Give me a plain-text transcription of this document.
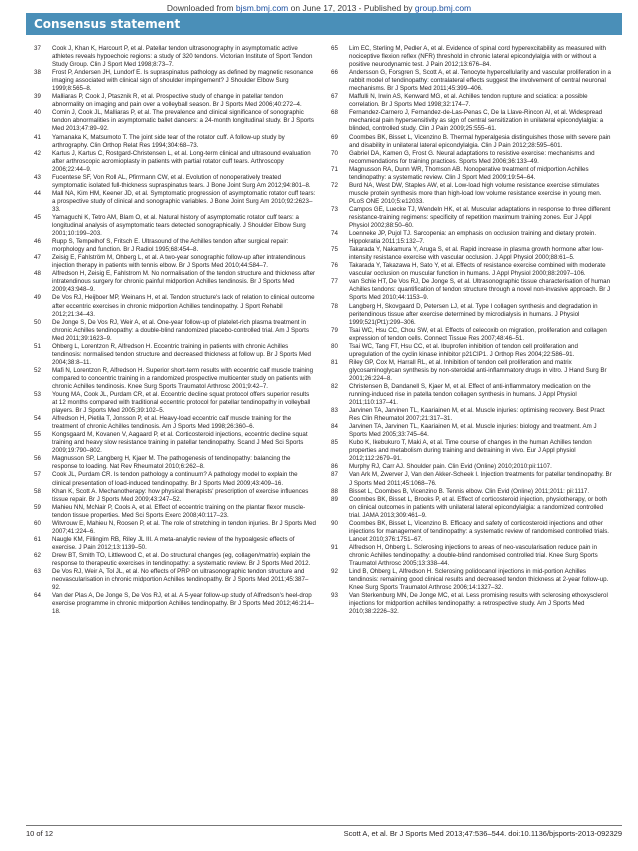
Downloaded from bjsm.bmj.com on June 17, 2013 - Published by group.bmj.com
Consensus statement
37	Cook J, Khan K, Harcourt P, et al. Patellar tendon ultrasonography in asymptomatic active athletes reveals hypoechoic regions: a study of 320 tendons. Victorian Institute of Sport Tendon Study Group. Clin J Sport Med 1998;8:73–7.
38	Frost P, Andersen JH, Lundorf E. Is supraspinatus pathology as defined by magnetic resonance imaging associated with clinical sign of shoulder impingement? J Shoulder Elbow Surg 1999;8:565–8.
39	Malliaras P, Cook J, Ptasznik R, et al. Prospective study of change in patellar tendon abnormality on imaging and pain over a volleyball season. Br J Sports Med 2006;40:272–4.
40	Comin J, Cook JL, Malliaras P, et al. The prevalence and clinical significance of sonographic tendon abnormalities in asymptomatic ballet dancers: a 24-month longitudinal study. Br J Sports Med 2013;47:89–92.
41	Yamanaka K, Matsumoto T. The joint side tear of the rotator cuff. A follow-up study by arthrography. Clin Orthop Relat Res 1994;304:68–73.
42	Kartus J, Kartus C, Rostgard-Christensen L, et al. Long-term clinical and ultrasound evaluation after arthroscopic acromioplasty in patients with partial rotator cuff tears. Arthroscopy 2006;22:44–9.
43	Fucentese SF, Von Roll AL, Pfirrmann CW, et al. Evolution of nonoperatively treated symptomatic isolated full-thickness supraspinatus tears. J Bone Joint Surg Am 2012;94:801–8.
44	Mall NA, Kim HM, Keener JD, et al. Symptomatic progression of asymptomatic rotator cuff tears: a prospective study of clinical and sonographic variables. J Bone Joint Surg Am 2010;92:2623–33.
45	Yamaguchi K, Tetro AM, Blam O, et al. Natural history of asymptomatic rotator cuff tears: a longitudinal analysis of asymptomatic tears detected sonographically. J Shoulder Elbow Surg 2001;10:199–203.
46	Rupp S, Tempelhof S, Fritsch E. Ultrasound of the Achilles tendon after surgical repair: morphology and function. Br J Radiol 1995;68:454–8.
47	Zeisig E, Fahlström M, Ohberg L, et al. A two-year sonographic follow-up after intratendinous injection therapy in patients with tennis elbow. Br J Sports Med 2010;44:584–7.
48	Alfredson H, Zeisig E, Fahlstrom M. No normalisation of the tendon structure and thickness after intratendinous surgery for chronic painful midportion Achilles tendinosis. Br J Sports Med 2009;43:948–9.
49	De Vos RJ, Heijboer MP, Weinans H, et al. Tendon structure's lack of relation to clinical outcome after eccentric exercises in chronic midportion Achilles tendinopathy. J Sport Rehabil 2012;21:34–43.
50	De Jonge S, De Vos RJ, Weir A, et al. One-year follow-up of platelet-rich plasma treatment in chronic Achilles tendinopathy: a double-blind randomized placebo-controlled trial. Am J Sports Med 2011;39:1623–9.
51	Ohberg L, Lorentzon R, Alfredson H. Eccentric training in patients with chronic Achilles tendinosis: normalised tendon structure and decreased thickness at follow up. Br J Sports Med 2004;38:8–11.
52	Mafi N, Lorentzon R, Alfredson H. Superior short-term results with eccentric calf muscle training compared to concentric training in a randomized prospective multicenter study on patients with chronic Achilles tendinosis. Knee Surg Sports Traumatol Arthrosc 2001;9:42–7.
53	Young MA, Cook JL, Purdam CR, et al. Eccentric decline squat protocol offers superior results at 12 months compared with traditional eccentric protocol for patellar tendinopathy in volleyball players. Br J Sports Med 2005;39:102–5.
54	Alfredson H, Pietila T, Jonsson P, et al. Heavy-load eccentric calf muscle training for the treatment of chronic Achilles tendinosis. Am J Sports Med 1998;26:360–6.
55	Kongsgaard M, Kovanen V, Aagaard P, et al. Corticosteroid injections, eccentric decline squat training and heavy slow resistance training in patellar tendinopathy. Scand J Med Sci Sports 2009;19:790–802.
56	Magnusson SP, Langberg H, Kjaer M. The pathogenesis of tendinopathy: balancing the response to loading. Nat Rev Rheumatol 2010;6:262–8.
57	Cook JL, Purdam CR. Is tendon pathology a continuum? A pathology model to explain the clinical presentation of load-induced tendinopathy. Br J Sports Med 2009;43:409–16.
58	Khan K, Scott A. Mechanotherapy: how physical therapists' prescription of exercise influences tissue repair. Br J Sports Med 2009;43:247–52.
59	Mahieu NN, McNair P, Cools A, et al. Effect of eccentric training on the plantar flexor muscle-tendon tissue properties. Med Sci Sports Exerc 2008;40:117–23.
60	Witvrouw E, Mahieu N, Roosen P, et al. The role of stretching in tendon injuries. Br J Sports Med 2007;41:224–6.
61	Naugle KM, Fillingim RB, Riley JL III. A meta-analytic review of the hypoalgesic effects of exercise. J Pain 2012;13:1139–50.
62	Drew BT, Smith TO, Littlewood C, et al. Do structural changes (eg, collagen/matrix) explain the response to therapeutic exercises in tendinopathy: a systematic review. Br J Sports Med 2012.
63	De Vos RJ, Weir A, Tol JL, et al. No effects of PRP on ultrasonographic tendon structure and neovascularisation in chronic midportion Achilles tendinopathy. Br J Sports Med 2011;45:387–92.
64	Van der Plas A, De Jonge S, De Vos RJ, et al. A 5-year follow-up study of Alfredson's heel-drop exercise programme in chronic midportion Achilles tendinopathy. Br J Sports Med 2012;46:214–18.
65	Lim EC, Sterling M, Pedler A, et al. Evidence of spinal cord hyperexcitability as measured with nociceptive flexion reflex (NFR) threshold in chronic lateral epicondylalgia with or without a positive neurodynamic test. J Pain 2012;13:676–84.
66	Andersson G, Forsgren S, Scott A, et al. Tenocyte hypercellularity and vascular proliferation in a rabbit model of tendinopathy: contralateral effects suggest the involvement of central neuronal mechanisms. Br J Sports Med 2011;45:399–406.
67	Maffulli N, Irwin AS, Kenward MG, et al. Achilles tendon rupture and sciatica: a possible correlation. Br J Sports Med 1998;32:174–7.
68	Fernandez-Carnero J, Fernandez-de-Las-Penas C, De la Llave-Rincon AI, et al. Widespread mechanical pain hypersensitivity as sign of central sensitization in unilateral epicondylalgia: a blinded, controlled study. Clin J Pain 2009;25:555–61.
69	Coombes BK, Bisset L, Vicenzino B. Thermal hyperalgesia distinguishes those with severe pain and disability in unilateral lateral epicondylalgia. Clin J Pain 2012;28:595–601.
70	Gabriel DA, Kamen G, Frost G. Neural adaptations to resistive exercise: mechanisms and recommendations for training practices. Sports Med 2006;36:133–49.
71	Magnusson RA, Dunn WR, Thomson AB. Nonoperative treatment of midportion Achilles tendinopathy: a systematic review. Clin J Sport Med 2009;19:54–64.
72	Burd NA, West DW, Staples AW, et al. Low-load high volume resistance exercise stimulates muscle protein synthesis more than high-load low volume resistance exercise in young men. PLoS ONE 2010;5:e12033.
73	Campos GE, Luecke TJ, Wendeln HK, et al. Muscular adaptations in response to three different resistance-training regimens: specificity of repetition maximum training zones. Eur J Appl Physiol 2002;88:50–60.
74	Loenneke JP, Pujol TJ. Sarcopenia: an emphasis on occlusion training and dietary protein. Hippokratia 2011;15:132–7.
75	Takarada Y, Nakamura Y, Aruga S, et al. Rapid increase in plasma growth hormone after low-intensity resistance exercise with vascular occlusion. J Appl Physiol 2000;88:61–5.
76	Takarada Y, Takazawa H, Sato Y, et al. Effects of resistance exercise combined with moderate vascular occlusion on muscular function in humans. J Appl Physiol 2000;88:2097–106.
77	van Schie HT, De Vos RJ, De Jonge S, et al. Ultrasonographic tissue characterisation of human Achilles tendons: quantification of tendon structure through a novel non-invasive approach. Br J Sports Med 2010;44:1153–9.
78	Langberg H, Skovgaard D, Petersen LJ, et al. Type I collagen synthesis and degradation in peritendinous tissue after exercise determined by microdialysis in humans. J Physiol 1999;521(Pt1):299–306.
79	Tsai WC, Hsu CC, Chou SW, et al. Effects of celecoxib on migration, proliferation and collagen expression of tendon cells. Connect Tissue Res 2007;48:46–51.
80	Tsai WC, Tang FT, Hsu CC, et al. Ibuprofen inhibition of tendon cell proliferation and upregulation of the cyclin kinase inhibitor p21CIP1. J Orthop Res 2004;22:586–91.
81	Riley GP, Cox M, Harrall RL, et al. Inhibition of tendon cell proliferation and matrix glycosaminoglycan synthesis by non-steroidal anti-inflammatory drugs in vitro. J Hand Surg Br 2001;26:224–8.
82	Christensen B, Dandanell S, Kjaer M, et al. Effect of anti-inflammatory medication on the running-induced rise in patella tendon collagen synthesis in humans. J Appl Physiol 2011;110:137–41.
83	Jarvinen TA, Jarvinen TL, Kaariainen M, et al. Muscle injuries: optimising recovery. Best Pract Res Clin Rheumatol 2007;21:317–31.
84	Jarvinen TA, Jarvinen TL, Kaariainen M, et al. Muscle injuries: biology and treatment. Am J Sports Med 2005;33:745–64.
85	Kubo K, Ikebukuro T, Maki A, et al. Time course of changes in the human Achilles tendon properties and metabolism during training and detraining in vivo. Eur J Appl physiol 2012;112:2679–91.
86	Murphy RJ, Carr AJ. Shoulder pain. Clin Evid (Online) 2010;2010:pii:1107.
87	Van Ark M, Zwerver J, Van den Akker-Scheek I. Injection treatments for patellar tendinopathy. Br J Sports Med 2011;45:1068–76.
88	Bisset L, Coombes B, Vicenzino B. Tennis elbow. Clin Evid (Online) 2011;2011: pii:1117.
89	Coombes BK, Bisset L, Brooks P, et al. Effect of corticosteroid injection, physiotherapy, or both on clinical outcomes in patients with unilateral lateral epicondylalgia: a randomized controlled trial. JAMA 2013;309:461–9.
90	Coombes BK, Bisset L, Vicenzino B. Efficacy and safety of corticosteroid injections and other injections for management of tendinopathy: a systematic review of randomised controlled trials. Lancet 2010;376:1751–67.
91	Alfredson H, Ohberg L. Sclerosing injections to areas of neo-vascularisation reduce pain in chronic Achilles tendinopathy: a double-blind randomised controlled trial. Knee Surg Sports Traumatol Arthrosc 2005;13:338–44.
92	Lind B, Ohberg L, Alfredson H. Sclerosing polidocanol injections in mid-portion Achilles tendinosis: remaining good clinical results and decreased tendon thickness at 2-year follow-up. Knee Surg Sports Traumatol Arthrosc 2006;14:1327–32.
93	Van Sterkenburg MN, De Jonge MC, et al. Less promising results with sclerosing ethoxysclerol injections for midportion achilles tendinopathy: a retrospective study. Am J Sports Med 2010;38:2226–32.
10 of 12	Scott A, et al. Br J Sports Med 2013;47:536–544. doi:10.1136/bjsports-2013-092329
